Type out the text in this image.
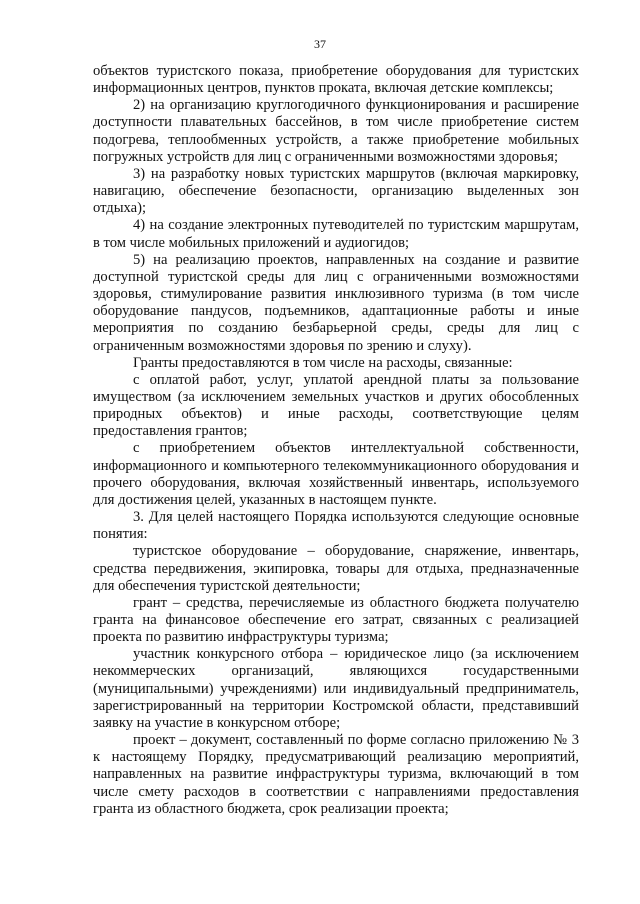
37

объектов туристского показа, приобретение оборудования для туристских информационных центров, пунктов проката, включая детские комплексы;

2) на организацию круглогодичного функционирования и расширение доступности плавательных бассейнов, в том числе приобретение систем подогрева, теплообменных устройств, а также приобретение мобильных погружных устройств для лиц с ограниченными возможностями здоровья;

3) на разработку новых туристских маршрутов (включая маркировку, навигацию, обеспечение безопасности, организацию выделенных зон отдыха);

4) на создание электронных путеводителей по туристским маршрутам, в том числе мобильных приложений и аудиогидов;

5) на реализацию проектов, направленных на создание и развитие доступной туристской среды для лиц с ограниченными возможностями здоровья, стимулирование развития инклюзивного туризма (в том числе оборудование пандусов, подъемников, адаптационные работы и иные мероприятия по созданию безбарьерной среды, среды для лиц с ограниченным возможностями здоровья по зрению и слуху).

Гранты предоставляются в том числе на расходы, связанные:

с оплатой работ, услуг, уплатой арендной платы за пользование имуществом (за исключением земельных участков и других обособленных природных объектов) и иные расходы, соответствующие целям предоставления грантов;

с приобретением объектов интеллектуальной собственности, информационного и компьютерного телекоммуникационного оборудования и прочего оборудования, включая хозяйственный инвентарь, используемого для достижения целей, указанных в настоящем пункте.

3. Для целей настоящего Порядка используются следующие основные понятия:

туристское оборудование – оборудование, снаряжение, инвентарь, средства передвижения, экипировка, товары для отдыха, предназначенные для обеспечения туристской деятельности;

грант – средства, перечисляемые из областного бюджета получателю гранта на финансовое обеспечение его затрат, связанных с реализацией проекта по развитию инфраструктуры туризма;

участник конкурсного отбора – юридическое лицо (за исключением некоммерческих организаций, являющихся государственными (муниципальными) учреждениями) или индивидуальный предприниматель, зарегистрированный на территории Костромской области, представивший заявку на участие в конкурсном отборе;

проект – документ, составленный по форме согласно приложению № 3 к настоящему Порядку, предусматривающий реализацию мероприятий, направленных на развитие инфраструктуры туризма, включающий в том числе смету расходов в соответствии с направлениями предоставления гранта из областного бюджета, срок реализации проекта;
